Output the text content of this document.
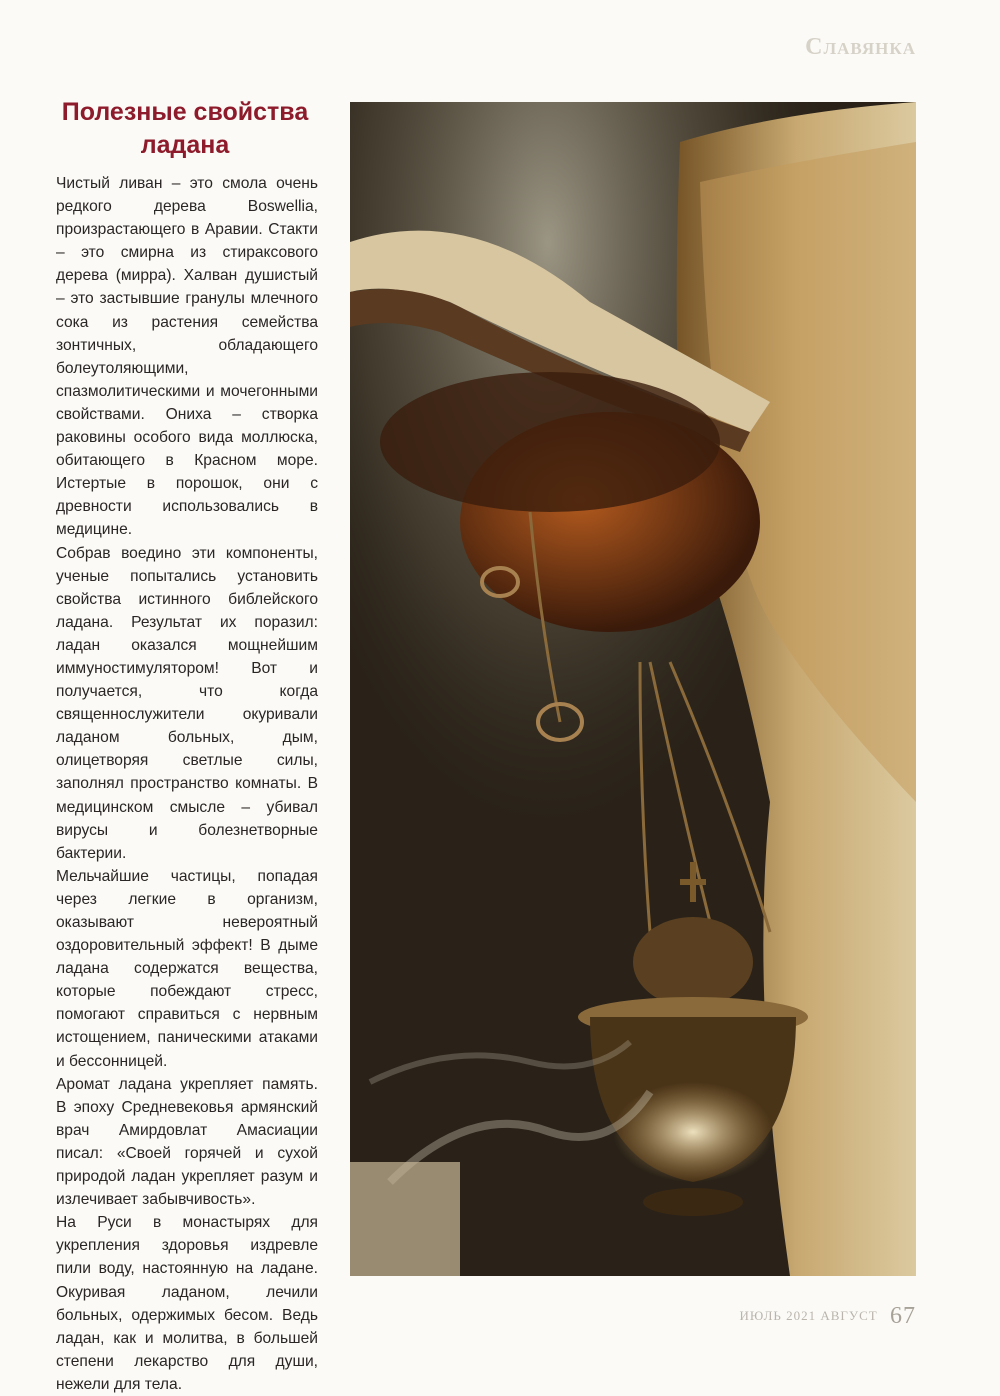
Славянка
Полезные свойства ладана

Чистый ливан – это смола очень редкого дерева Boswellia, произрастающего в Аравии. Стакти – это смирна из стираксового дерева (мирра). Халван душистый – это застывшие гранулы млечного сока из растения семейства зонтичных, обладающего болеутоляющими, спазмолитическими и мочегонными свойствами. Ониха – створка раковины особого вида моллюска, обитающего в Красном море. Истертые в порошок, они с древности использовались в медицине.

Собрав воедино эти компоненты, ученые попытались установить свойства истинного библейского ладана. Результат их поразил: ладан оказался мощнейшим иммуностимулятором! Вот и получается, что когда священнослужители окуривали ладаном больных, дым, олицетворяя светлые силы, заполнял пространство комнаты. В медицинском смысле – убивал вирусы и болезнетворные бактерии.

Мельчайшие частицы, попадая через легкие в организм, оказывают невероятный оздоровительный эффект! В дыме ладана содержатся вещества, которые побеждают стресс, помогают справиться с нервным истощением, паническими атаками и бессонницей.

Аромат ладана укрепляет память. В эпоху Средневековья армянский врач Амирдовлат Амасиации писал: «Своей горячей и сухой природой ладан укрепляет разум и излечивает забывчивость».

На Руси в монастырях для укрепления здоровья издревле пили воду, настоянную на ладане. Окуривая ладаном, лечили больных, одержимых бесом. Ведь ладан, как и молитва, в большей степени лекарство для души, нежели для тела.

ИЮЛЬ 2021 АВГУСТ 67
